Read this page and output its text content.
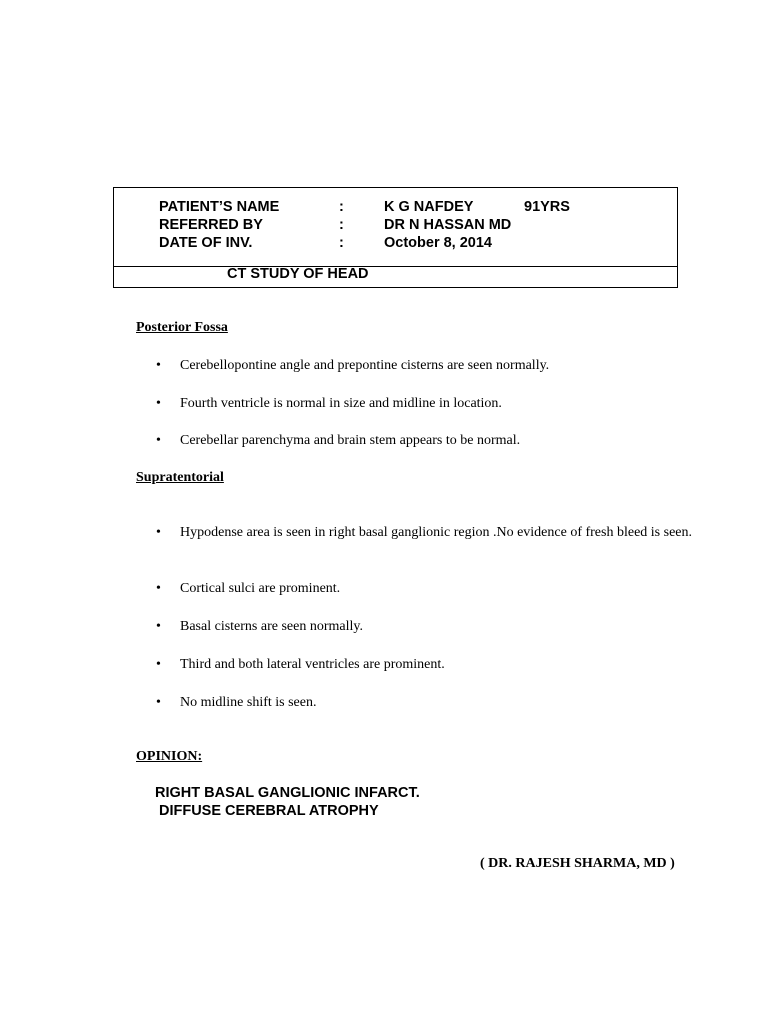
PATIENT’S NAME	:	K G NAFDEY	91YRS
REFERRED BY	:	DR N HASSAN MD
DATE OF INV.	:	October 8, 2014
CT STUDY OF HEAD
Posterior Fossa
• Cerebellopontine angle and prepontine cisterns are seen normally.
• Fourth ventricle is normal in size and midline in location.
• Cerebellar parenchyma and brain stem appears to be normal.
Supratentorial
•	Hypodense area is seen in right basal ganglionic region .No evidence of fresh bleed is seen.
• Cortical sulci are prominent.
• Basal cisterns are seen normally.
• Third and both lateral ventricles are prominent.
• No midline shift is seen.
OPINION:
RIGHT BASAL GANGLIONIC INFARCT.
DIFFUSE CEREBRAL ATROPHY
( DR. RAJESH SHARMA, MD )
